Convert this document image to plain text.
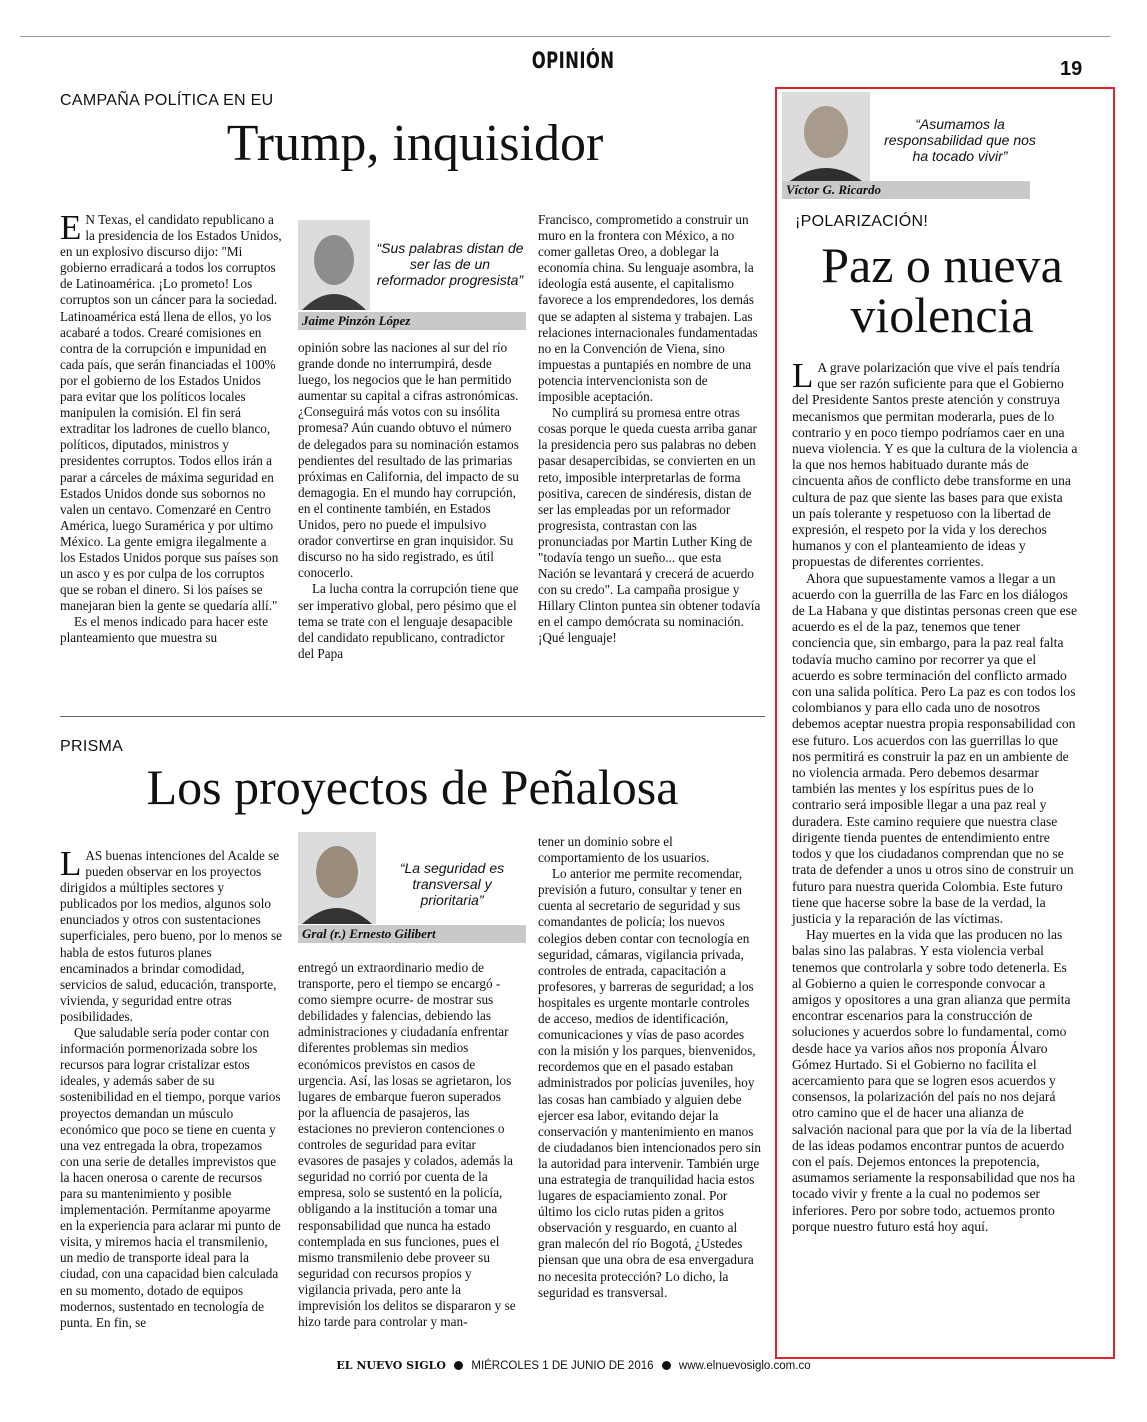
OPINIÓN	19
CAMPAÑA POLÍTICA EN EU
Trump, inquisidor
E N Texas, el candidato republicano a la presidencia de los Estados Unidos, en un explosivo discurso dijo: "Mi gobierno erradicará a todos los corruptos de Latinoamérica. ¡Lo prometo! Los corruptos son un cáncer para la sociedad. Latinoamérica está llena de ellos, yo los acabaré a todos. Crearé comisiones en contra de la corrupción e impunidad en cada país, que serán financiadas el 100% por el gobierno de los Estados Unidos para evitar que los políticos locales manipulen la comisión. El fin será extraditar los ladrones de cuello blanco, políticos, diputados, ministros y presidentes corruptos. Todos ellos irán a parar a cárceles de máxima seguridad en Estados Unidos donde sus sobornos no valen un centavo. Comenzaré en Centro América, luego Suramérica y por ultimo México. La gente emigra ilegalmente a los Estados Unidos porque sus países son un asco y es por culpa de los corruptos que se roban el dinero. Si los países se manejaran bien la gente se quedaría allí."

Es el menos indicado para hacer este planteamiento que muestra su

“Sus palabras distan de ser las de un reformador progresista”
Jaime Pinzón López

opinión sobre las naciones al sur del río grande donde no interrumpirá, desde luego, los negocios que le han permitido aumentar su capital a cifras astronómicas. ¿Conseguirá más votos con su insólita promesa? Aún cuando obtuvo el número de delegados para su nominación estamos pendientes del resultado de las primarias próximas en California, del impacto de su demagogia. En el mundo hay corrupción, en el continente también, en Estados Unidos, pero no puede el impulsivo orador convertirse en gran inquisidor. Su discurso no ha sido registrado, es útil conocerlo.

La lucha contra la corrupción tiene que ser imperativo global, pero pésimo que el tema se trate con el lenguaje desapacible del candidato republicano, contradictor del Papa

Francisco, comprometido a construir un muro en la frontera con México, a no comer galletas Oreo, a doblegar la economía china. Su lenguaje asombra, la ideología está ausente, el capitalismo favorece a los emprendedores, los demás que se adapten al sistema y trabajen. Las relaciones internacionales fundamentadas no en la Convención de Viena, sino impuestas a puntapiés en nombre de una potencia intervencionista son de imposible aceptación.

No cumplirá su promesa entre otras cosas porque le queda cuesta arriba ganar la presidencia pero sus palabras no deben pasar desapercibidas, se convierten en un reto, imposible interpretarlas de forma positiva, carecen de sindéresis, distan de ser las empleadas por un reformador progresista, contrastan con las pronunciadas por Martin Luther King de "todavía tengo un sueño... que esta Nación se levantará y crecerá de acuerdo con su credo". La campaña prosigue y Hillary Clinton puntea sin obtener todavía en el campo demócrata su nominación. ¡Qué lenguaje!

PRISMA
Los proyectos de Peñalosa
L AS buenas intenciones del Acalde se pueden observar en los proyectos dirigidos a múltiples sectores y publicados por los medios, algunos solo enunciados y otros con sustentaciones superficiales, pero bueno, por lo menos se habla de estos futuros planes encaminados a brindar comodidad, servicios de salud, educación, transporte, vivienda, y seguridad entre otras posibilidades.

Que saludable sería poder contar con información pormenorizada sobre los recursos para lograr cristalizar estos ideales, y además saber de su sostenibilidad en el tiempo, porque varios proyectos demandan un músculo económico que poco se tiene en cuenta y una vez entregada la obra, tropezamos con una serie de detalles imprevistos que la hacen onerosa o carente de recursos para su mantenimiento y posible implementación. Permítanme apoyarme en la experiencia para aclarar mi punto de visita, y miremos hacia el transmilenio, un medio de transporte ideal para la ciudad, con una capacidad bien calculada en su momento, dotado de equipos modernos, sustentado en tecnología de punta. En fin, se

“La seguridad es transversal y prioritaria”
Gral (r.) Ernesto Gilibert

entregó un extraordinario medio de transporte, pero el tiempo se encargó -como siempre ocurre- de mostrar sus debilidades y falencias, debiendo las administraciones y ciudadanía enfrentar diferentes problemas sin medios económicos previstos en casos de urgencia. Así, las losas se agrietaron, los lugares de embarque fueron superados por la afluencia de pasajeros, las estaciones no previeron contenciones o controles de seguridad para evitar evasores de pasajes y colados, además la seguridad no corrió por cuenta de la empresa, solo se sustentó en la policía, obligando a la institución a tomar una responsabilidad que nunca ha estado contemplada en sus funciones, pues el mismo transmilenio debe proveer su seguridad con recursos propios y vigilancia privada, pero ante la imprevisión los delitos se dispararon y se hizo tarde para controlar y man-

tener un dominio sobre el comportamiento de los usuarios.

Lo anterior me permite recomendar, previsión a futuro, consultar y tener en cuenta al secretario de seguridad y sus comandantes de policía; los nuevos colegios deben contar con tecnología en seguridad, cámaras, vigilancia privada, controles de entrada, capacitación a profesores, y barreras de seguridad; a los hospitales es urgente montarle controles de acceso, medios de identificación, comunicaciones y vías de paso acordes con la misión y los parques, bienvenidos, recordemos que en el pasado estaban administrados por policías juveniles, hoy las cosas han cambiado y alguien debe ejercer esa labor, evitando dejar la conservación y mantenimiento en manos de ciudadanos bien intencionados pero sin la autoridad para intervenir. También urge una estrategia de tranquilidad hacia estos lugares de espaciamiento zonal. Por último los ciclo rutas piden a gritos observación y resguardo, en cuanto al gran malecón del río Bogotá, ¿Ustedes piensan que una obra de esa envergadura no necesita protección? Lo dicho, la seguridad es transversal.

“Asumamos la responsabilidad que nos ha tocado vivir”
Víctor G. Ricardo
¡POLARIZACIÓN!
Paz o nueva
violencia
L A grave polarización que vive el país tendría que ser razón suficiente para que el Gobierno del Presidente Santos preste atención y construya mecanismos que permitan moderarla, pues de lo contrario y en poco tiempo podríamos caer en una nueva violencia. Y es que la cultura de la violencia a la que nos hemos habituado durante más de cincuenta años de conflicto debe transforme en una cultura de paz que siente las bases para que exista un país tolerante y respetuoso con la libertad de expresión, el respeto por la vida y los derechos humanos y con el planteamiento de ideas y propuestas de diferentes corrientes.

Ahora que supuestamente vamos a llegar a un acuerdo con la guerrilla de las Farc en los diálogos de La Habana y que distintas personas creen que ese acuerdo es el de la paz, tenemos que tener conciencia que, sin embargo, para la paz real falta todavía mucho camino por recorrer ya que el acuerdo es sobre terminación del conflicto armado con una salida política. Pero La paz es con todos los colombianos y para ello cada uno de nosotros debemos aceptar nuestra propia responsabilidad con ese futuro. Los acuerdos con las guerrillas lo que nos permitirá es construir la paz en un ambiente de no violencia armada. Pero debemos desarmar también las mentes y los espíritus pues de lo contrario será imposible llegar a una paz real y duradera. Este camino requiere que nuestra clase dirigente tienda puentes de entendimiento entre todos y que los ciudadanos comprendan que no se trata de defender a unos u otros sino de construir un futuro para nuestra querida Colombia. Este futuro tiene que hacerse sobre la base de la verdad, la justicia y la reparación de las víctimas.

Hay muertes en la vida que las producen no las balas sino las palabras. Y esta violencia verbal tenemos que controlarla y sobre todo detenerla. Es al Gobierno a quien le corresponde convocar a amigos y opositores a una gran alianza que permita encontrar escenarios para la construcción de soluciones y acuerdos sobre lo fundamental, como desde hace ya varios años nos proponía Álvaro Gómez Hurtado. Si el Gobierno no facilita el acercamiento para que se logren esos acuerdos y consensos, la polarización del país no nos dejará otro camino que el de hacer una alianza de salvación nacional para que por la vía de la libertad de las ideas podamos encontrar puntos de acuerdo con el país. Dejemos entonces la prepotencia, asumamos seriamente la responsabilidad que nos ha tocado vivir y frente a la cual no podemos ser inferiores. Pero por sobre todo, actuemos pronto porque nuestro futuro está hoy aquí.

EL NUEVO SIGLO MIÉRCOLES 1 DE JUNIO DE 2016 www.elnuevosiglo.com.co
